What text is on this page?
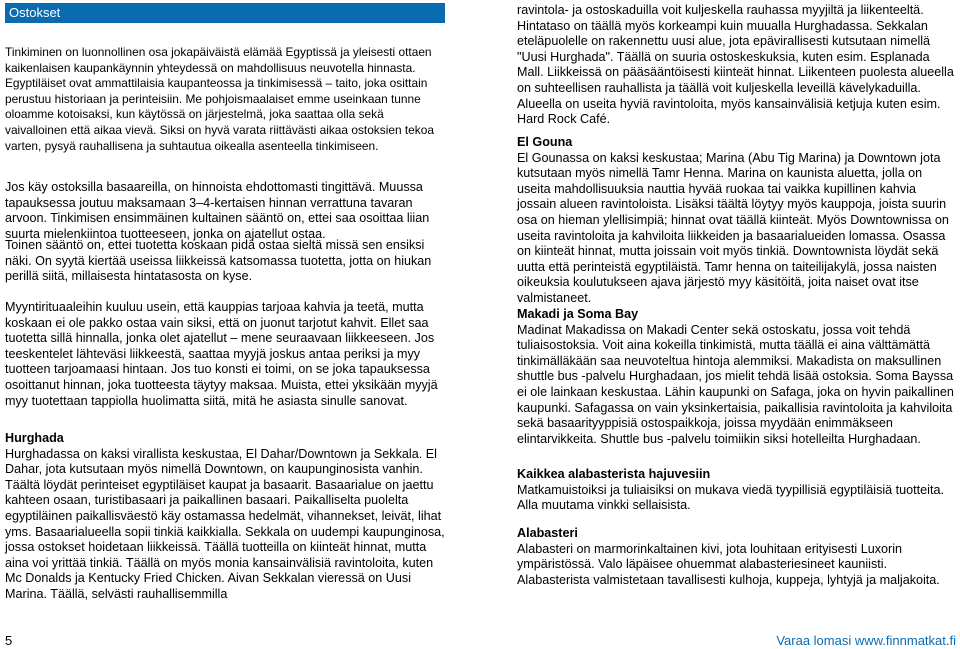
Ostokset

Tinkiminen on luonnollinen osa jokapäiväistä elämää Egyptissä ja yleisesti ottaen kaikenlaisen kaupankäynnin yhteydessä on mahdollisuus neuvotella hinnasta. Egyptiläiset ovat ammattilaisia kaupanteossa ja tinkimisessä – taito, joka osittain perustuu historiaan ja perinteisiin. Me pohjoismaalaiset emme useinkaan tunne oloamme kotoisaksi, kun käytössä on järjestelmä, joka saattaa olla sekä vaivalloinen että aikaa vievä. Siksi on hyvä varata riittävästi aikaa ostoksien tekoa varten, pysyä rauhallisena ja suhtautua oikealla asenteella tinkimiseen.

Jos käy ostoksilla basaareilla, on hinnoista ehdottomasti tingittävä. Muussa tapauksessa joutuu maksamaan 3–4-kertaisen hinnan verrattuna tavaran arvoon. Tinkimisen ensimmäinen kultainen sääntö on, ettei saa osoittaa liian suurta mielenkiintoa tuotteeseen, jonka on ajatellut ostaa.

Toinen sääntö on, ettei tuotetta koskaan pidä ostaa sieltä missä sen ensiksi näki. On syytä kiertää useissa liikkeissä katsomassa tuotetta, jotta on hiukan perillä siitä, millaisesta hintatasosta on kyse.

Myyntirituaaleihin kuuluu usein, että kauppias tarjoaa kahvia ja teetä, mutta koskaan ei ole pakko ostaa vain siksi, että on juonut tarjotut kahvit. Ellet saa tuotetta sillä hinnalla, jonka olet ajatellut – mene seuraavaan liikkeeseen. Jos teeskentelet lähteväsi liikkeestä, saattaa myyjä joskus antaa periksi ja myy tuotteen tarjoamaasi hintaan. Jos tuo konsti ei toimi, on se joka tapauksessa osoittanut hinnan, joka tuotteesta täytyy maksaa. Muista, ettei yksikään myyjä myy tuotettaan tappiolla huolimatta siitä, mitä he asiasta sinulle sanovat.

Hurghada

Hurghadassa on kaksi virallista keskustaa, El Dahar/Downtown ja Sekkala. El Dahar, jota kutsutaan myös nimellä Downtown, on kaupunginosista vanhin. Täältä löydät perinteiset egyptiläiset kaupat ja basaarit. Basaarialue on jaettu kahteen osaan, turistibasaari ja paikallinen basaari. Paikalliselta puolelta egyptiläinen paikallisväestö käy ostamassa hedelmät, vihannekset, leivät, lihat yms. Basaarialueella sopii tinkiä kaikkialla. Sekkala on uudempi kaupunginosa, jossa ostokset hoidetaan liikkeissä. Täällä tuotteilla on kiinteät hinnat, mutta aina voi yrittää tinkiä. Täällä on myös monia kansainvälisiä ravintoloita, kuten Mc Donalds ja Kentucky Fried Chicken. Aivan Sekkalan vieressä on Uusi Marina. Täällä, selvästi rauhallisemmilla

ravintola- ja ostoskaduilla voit kuljeskella rauhassa myyjiltä ja liikenteeltä. Hintataso on täällä myös korkeampi kuin muualla Hurghadassa. Sekkalan eteläpuolelle on rakennettu uusi alue, jota epävirallisesti kutsutaan nimellä "Uusi Hurghada". Täällä on suuria ostoskeskuksia, kuten esim. Esplanada Mall. Liikkeissä on pääsääntöisesti kiinteät hinnat. Liikenteen puolesta alueella on suhteellisen rauhallista ja täällä voit kuljeskella leveillä kävelykaduilla. Alueella on useita hyviä ravintoloita, myös kansainvälisiä ketjuja kuten esim. Hard Rock Café.

El Gouna

El Gounassa on kaksi keskustaa; Marina (Abu Tig Marina) ja Downtown jota kutsutaan myös nimellä Tamr Henna. Marina on kaunista aluetta, jolla on useita mahdollisuuksia nauttia hyvää ruokaa tai vaikka kupillinen kahvia jossain alueen ravintoloista. Lisäksi täältä löytyy myös kauppoja, joista suurin osa on hieman ylellisimpiä; hinnat ovat täällä kiinteät. Myös Downtownissa on useita ravintoloita ja kahviloita liikkeiden ja basaarialueiden lomassa. Osassa on kiinteät hinnat, mutta joissain voit myös tinkiä. Downtownista löydät sekä uutta että perinteistä egyptiläistä. Tamr henna on taiteilijakylä, jossa naisten oikeuksia koulutukseen ajava järjestö myy käsitöitä, joita naiset ovat itse valmistaneet.

Makadi ja Soma Bay

Madinat Makadissa on Makadi Center sekä ostoskatu, jossa voit tehdä tuliaisostoksia. Voit aina kokeilla tinkimistä, mutta täällä ei aina välttämättä tinkimälläkään saa neuvoteltua hintoja alemmiksi. Makadista on maksullinen shuttle bus -palvelu Hurghadaan, jos mielit tehdä lisää ostoksia. Soma Bayssa ei ole lainkaan keskustaa. Lähin kaupunki on Safaga, joka on hyvin paikallinen kaupunki. Safagassa on vain yksinkertaisia, paikallisia ravintoloita ja kahviloita sekä basaarityyppisiä ostospaikkoja, joissa myydään enimmäkseen elintarvikkeita. Shuttle bus -palvelu toimiikin siksi hotelleilta Hurghadaan.

Kaikkea alabasterista hajuvesiin

Matkamuistoiksi ja tuliaisiksi on mukava viedä tyypillisiä egyptiläisiä tuotteita. Alla muutama vinkki sellaisista.

Alabasteri

Alabasteri on marmorinkaltainen kivi, jota louhitaan erityisesti Luxorin ympäristössä. Valo läpäisee ohuemmat alabasteriesineet kauniisti. Alabasterista valmistetaan tavallisesti kulhoja, kuppeja, lyhtyjä ja maljakoita.

5	Varaa lomasi www.finnmatkat.fi
